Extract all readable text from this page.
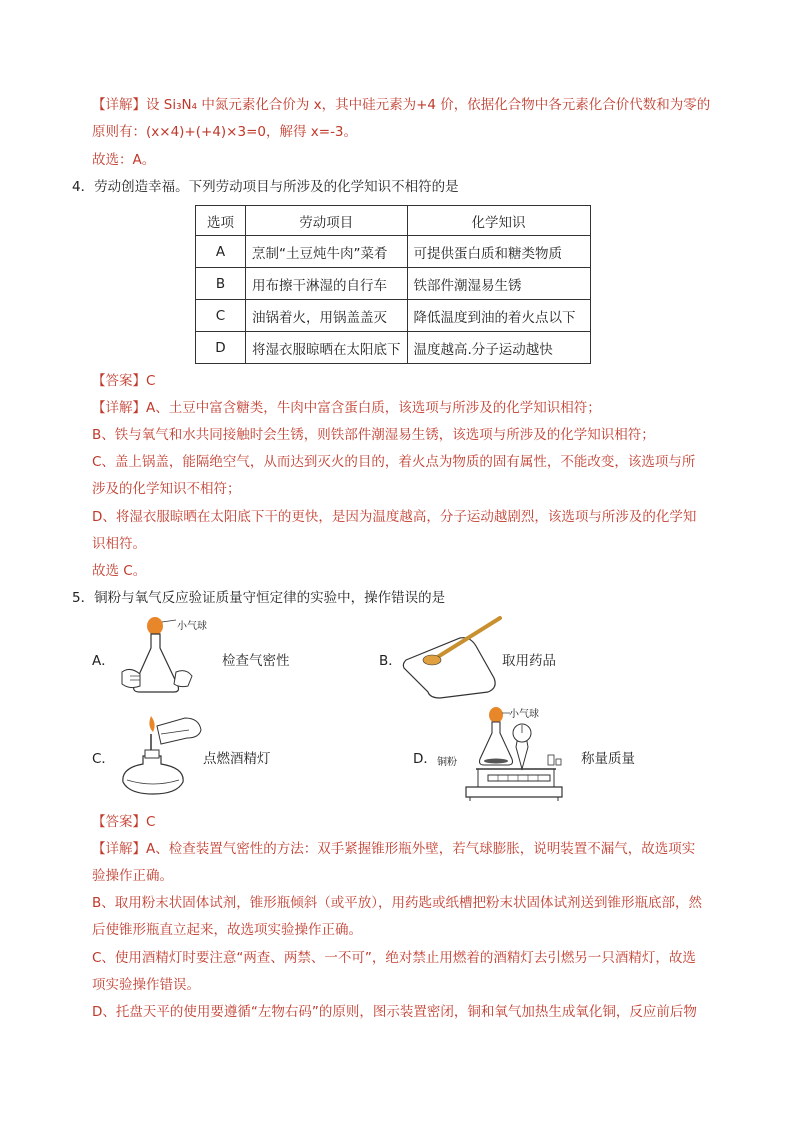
【详解】设 Si₃N₄ 中氮元素化合价为 x，其中硅元素为+4 价，依据化合物中各元素化合价代数和为零的
原则有：(x×4)+(+4)×3=0，解得 x=-3。
故选：A。
4．劳动创造幸福。下列劳动项目与所涉及的化学知识不相符的是
选项	劳动项目	化学知识
A	烹制“土豆炖牛肉”菜肴	可提供蛋白质和糖类物质
B	用布擦干淋湿的自行车	铁部件潮湿易生锈
C	油锅着火，用锅盖盖灭	降低温度到油的着火点以下
D	将湿衣服晾晒在太阳底下	温度越高.分子运动越快
【答案】C
【详解】A、土豆中富含糖类，牛肉中富含蛋白质，该选项与所涉及的化学知识相符；
B、铁与氧气和水共同接触时会生锈，则铁部件潮湿易生锈，该选项与所涉及的化学知识相符；
C、盖上锅盖，能隔绝空气，从而达到灭火的目的，着火点为物质的固有属性，不能改变，该选项与所
涉及的化学知识不相符；
D、将湿衣服晾晒在太阳底下干的更快，是因为温度越高，分子运动越剧烈，该选项与所涉及的化学知
识相符。
故选 C。
5．铜粉与氧气反应验证质量守恒定律的实验中，操作错误的是
A．
小气球
检查气密性	B．	取用药品
C．	点燃酒精灯	D．
小气球
铜粉	称量质量
【答案】C
【详解】A、检查装置气密性的方法：双手紧握锥形瓶外壁，若气球膨胀，说明装置不漏气，故选项实
验操作正确。
B、取用粉末状固体试剂，锥形瓶倾斜（或平放），用药匙或纸槽把粉末状固体试剂送到锥形瓶底部，然
后使锥形瓶直立起来，故选项实验操作正确。
C、使用酒精灯时要注意“两查、两禁、一不可”，绝对禁止用燃着的酒精灯去引燃另一只酒精灯，故选
项实验操作错误。
D、托盘天平的使用要遵循“左物右码”的原则，图示装置密闭，铜和氧气加热生成氧化铜，反应前后物
